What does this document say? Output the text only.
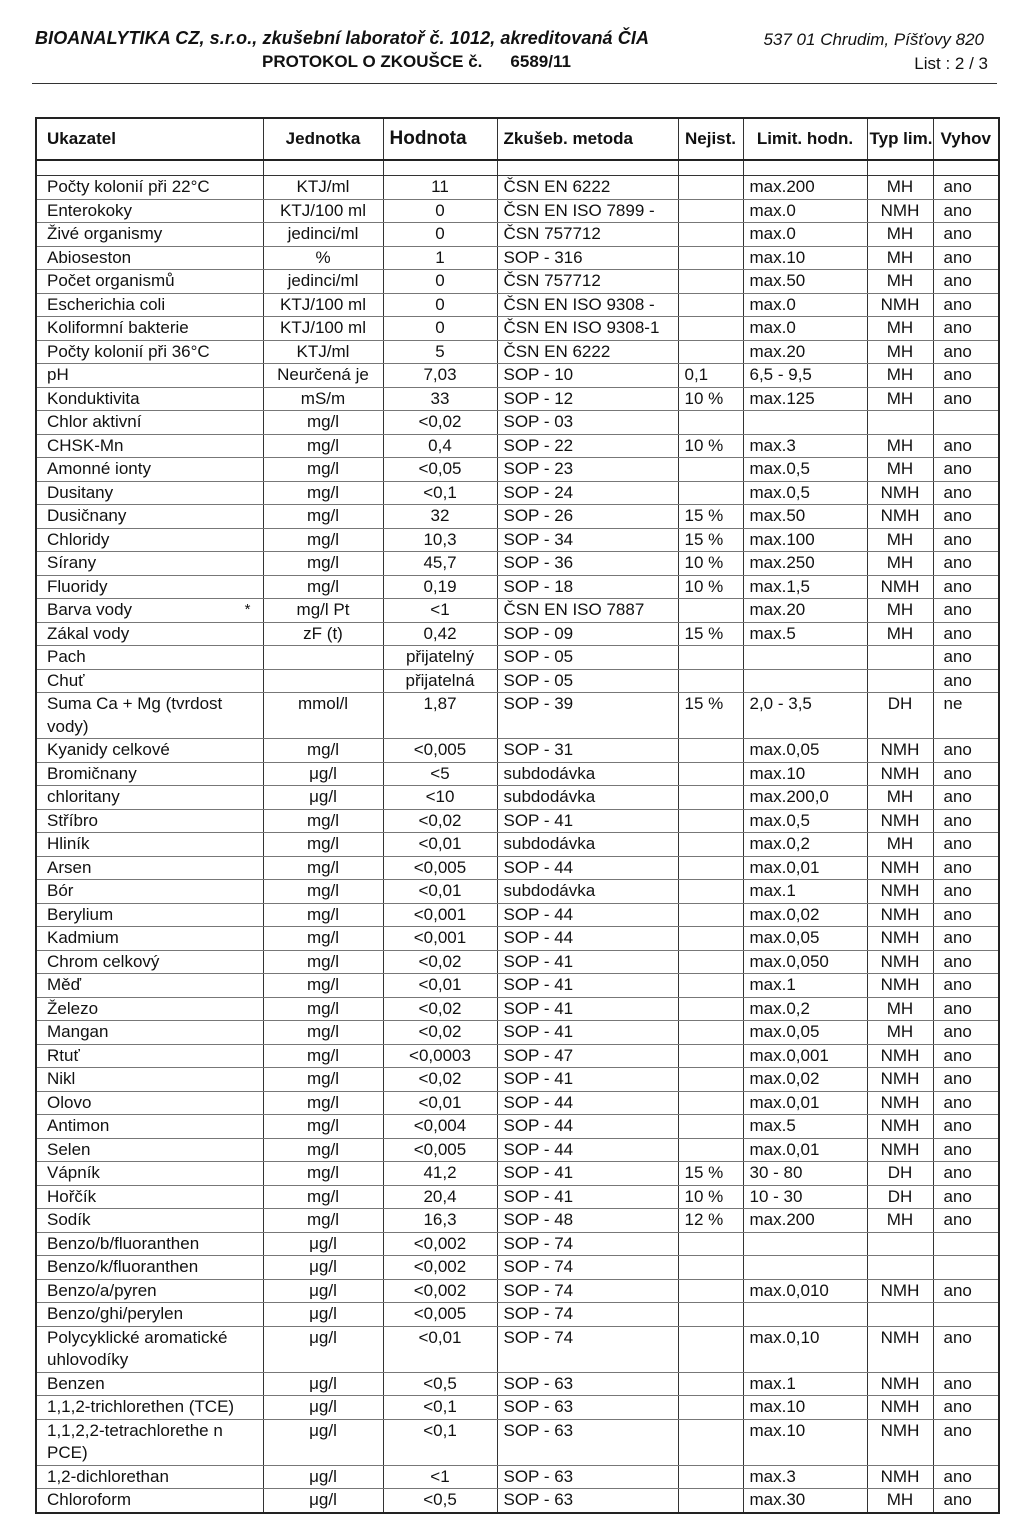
BIOANALYTIKA CZ, s.r.o., zkušební laboratoř č. 1012, akreditovaná ČIA	537 01 Chrudim, Píšťovy 820
PROTOKOL O ZKOUŠCE č. 6589/11	List : 2 / 3
Ukazatel	Jednotka	Hodnota	Zkušeb. metoda	Nejist.	Limit. hodn.	Typ lim.	Vyhov

Počty kolonií při 22°C	KTJ/ml	11	ČSN EN 6222		max.200	MH	ano
Enterokoky	KTJ/100 ml	0	ČSN EN ISO 7899 -		max.0	NMH	ano
Živé organismy	jedinci/ml	0	ČSN 757712		max.0	MH	ano
Abioseston	%	1	SOP - 316		max.10	MH	ano
Počet organismů	jedinci/ml	0	ČSN 757712		max.50	MH	ano
Escherichia coli	KTJ/100 ml	0	ČSN EN ISO 9308 -		max.0	NMH	ano
Koliformní bakterie	KTJ/100 ml	0	ČSN EN ISO 9308-1		max.0	MH	ano
Počty kolonií při 36°C	KTJ/ml	5	ČSN EN 6222		max.20	MH	ano
pH	Neurčená je	7,03	SOP - 10	0,1	6,5 - 9,5	MH	ano
Konduktivita	mS/m	33	SOP - 12	10 %	max.125	MH	ano
Chlor aktivní	mg/l	<0,02	SOP - 03				
CHSK-Mn	mg/l	0,4	SOP - 22	10 %	max.3	MH	ano
Amonné ionty	mg/l	<0,05	SOP - 23		max.0,5	MH	ano
Dusitany	mg/l	<0,1	SOP - 24		max.0,5	NMH	ano
Dusičnany	mg/l	32	SOP - 26	15 %	max.50	NMH	ano
Chloridy	mg/l	10,3	SOP - 34	15 %	max.100	MH	ano
Sírany	mg/l	45,7	SOP - 36	10 %	max.250	MH	ano
Fluoridy	mg/l	0,19	SOP - 18	10 %	max.1,5	NMH	ano
Barva vody *	mg/l Pt	<1	ČSN EN ISO 7887		max.20	MH	ano
Zákal vody	zF (t)	0,42	SOP - 09	15 %	max.5	MH	ano
Pach		přijatelný	SOP - 05				ano
Chuť		přijatelná	SOP - 05				ano
Suma Ca + Mg (tvrdost vody)	mmol/l	1,87	SOP - 39	15 %	2,0 - 3,5	DH	ne
Kyanidy celkové	mg/l	<0,005	SOP - 31		max.0,05	NMH	ano
Bromičnany	μg/l	<5	subdodávka		max.10	NMH	ano
chloritany	μg/l	<10	subdodávka		max.200,0	MH	ano
Stříbro	mg/l	<0,02	SOP - 41		max.0,5	NMH	ano
Hliník	mg/l	<0,01	subdodávka		max.0,2	MH	ano
Arsen	mg/l	<0,005	SOP - 44		max.0,01	NMH	ano
Bór	mg/l	<0,01	subdodávka		max.1	NMH	ano
Berylium	mg/l	<0,001	SOP - 44		max.0,02	NMH	ano
Kadmium	mg/l	<0,001	SOP - 44		max.0,05	NMH	ano
Chrom celkový	mg/l	<0,02	SOP - 41		max.0,050	NMH	ano
Měď	mg/l	<0,01	SOP - 41		max.1	NMH	ano
Železo	mg/l	<0,02	SOP - 41		max.0,2	MH	ano
Mangan	mg/l	<0,02	SOP - 41		max.0,05	MH	ano
Rtuť	mg/l	<0,0003	SOP - 47		max.0,001	NMH	ano
Nikl	mg/l	<0,02	SOP - 41		max.0,02	NMH	ano
Olovo	mg/l	<0,01	SOP - 44		max.0,01	NMH	ano
Antimon	mg/l	<0,004	SOP - 44		max.5	NMH	ano
Selen	mg/l	<0,005	SOP - 44		max.0,01	NMH	ano
Vápník	mg/l	41,2	SOP - 41	15 %	30 - 80	DH	ano
Hořčík	mg/l	20,4	SOP - 41	10 %	10 - 30	DH	ano
Sodík	mg/l	16,3	SOP - 48	12 %	max.200	MH	ano
Benzo/b/fluoranthen	μg/l	<0,002	SOP - 74				
Benzo/k/fluoranthen	μg/l	<0,002	SOP - 74				
Benzo/a/pyren	μg/l	<0,002	SOP - 74		max.0,010	NMH	ano
Benzo/ghi/perylen	μg/l	<0,005	SOP - 74				
Polycyklické aromatické uhlovodíky	μg/l	<0,01	SOP - 74		max.0,10	NMH	ano
Benzen	μg/l	<0,5	SOP - 63		max.1	NMH	ano
1,1,2-trichlorethen (TCE)	μg/l	<0,1	SOP - 63		max.10	NMH	ano
1,1,2,2-tetrachlorethe n PCE)	μg/l	<0,1	SOP - 63		max.10	NMH	ano
1,2-dichlorethan	μg/l	<1	SOP - 63		max.3	NMH	ano
Chloroform	μg/l	<0,5	SOP - 63		max.30	MH	ano
